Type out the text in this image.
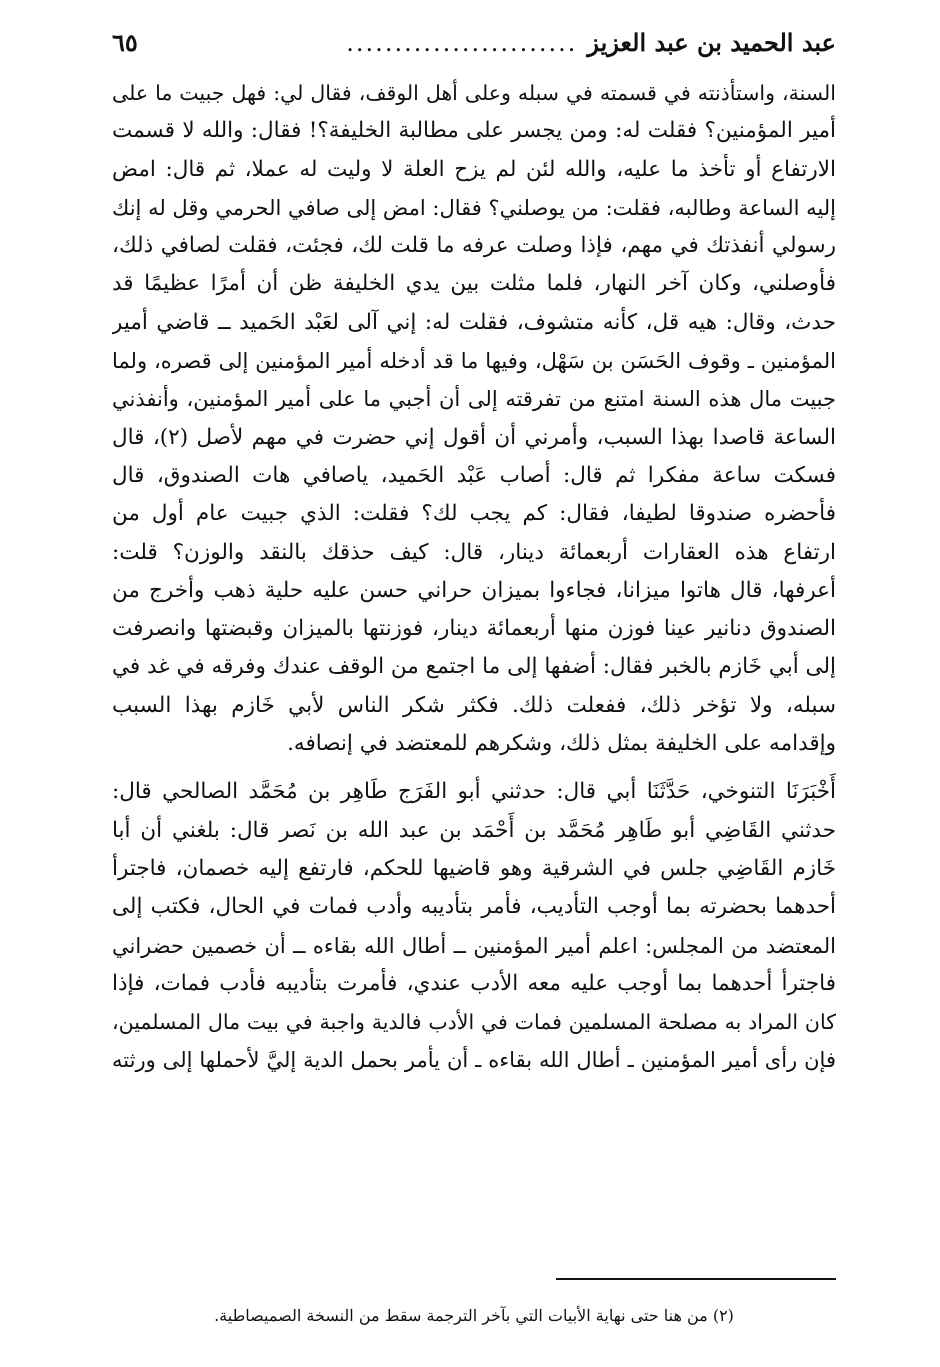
عبد الحميد بن عبد العزيز
........................
٦٥
السنة، واستأذنته في قسمته في سبله وعلى أهل الوقف، فقال لي: فهل جبيت ما على
أمير المؤمنين؟ فقلت له: ومن يجسر على مطالبة الخليفة؟! فقال: والله لا قسمت
الارتفاع أو تأخذ ما عليه، والله لئن لم يزح العلة لا وليت له عملا، ثم قال: امض
إليه الساعة وطالبه، فقلت: من يوصلني؟ فقال: امض إلى صافي الحرمي وقل له إنك
رسولي أنفذتك في مهم، فإذا وصلت عرفه ما قلت لك، فجئت، فقلت لصافي ذلك،
فأوصلني، وكان آخر النهار، فلما مثلت بين يدي الخليفة ظن أن أمرًا عظيمًا قد
حدث، وقال: هيه قل، كأنه متشوف، فقلت له: إني آلى لعَبْد الحَميد ــ قاضي أمير
المؤمنين ـ وقوف الحَسَن بن سَهْل، وفيها ما قد أدخله أمير المؤمنين إلى قصره، ولما
جبيت مال هذه السنة امتنع من تفرقته إلى أن أجبي ما على أمير المؤمنين، وأنفذني
الساعة قاصدا بهذا السبب، وأمرني أن أقول إني حضرت في مهم لأصل (٢)، قال
فسكت ساعة مفكرا ثم قال: أصاب عَبْد الحَميد، ياصافي هات الصندوق، قال
فأحضره صندوقا لطيفا، فقال: كم يجب لك؟ فقلت: الذي جبيت عام أول من
ارتفاع هذه العقارات أربعمائة دينار، قال: كيف حذقك بالنقد والوزن؟ قلت:
أعرفها، قال هاتوا ميزانا، فجاءوا بميزان حراني حسن عليه حلية ذهب وأخرج من
الصندوق دنانير عينا فوزن منها أربعمائة دينار، فوزنتها بالميزان وقبضتها وانصرفت
إلى أبي خَازم بالخبر فقال: أضفها إلى ما اجتمع من الوقف عندك وفرقه في غد في
سبله، ولا تؤخر ذلك، ففعلت ذلك. فكثر شكر الناس لأبي خَازم بهذا السبب
وإقدامه على الخليفة بمثل ذلك، وشكرهم للمعتضد في إنصافه.
أَخْبَرَنَا التنوخي، حَدَّثَنَا أبي قال: حدثني أبو الفَرَج طَاهِر بن مُحَمَّد الصالحي قال:
حدثني القَاضِي أبو طَاهِر مُحَمَّد بن أَحْمَد بن عبد الله بن نَصر قال: بلغني أن أبا
خَازم القَاضِي جلس في الشرقية وهو قاضيها للحكم، فارتفع إليه خصمان، فاجترأ
أحدهما بحضرته بما أوجب التأديب، فأمر بتأديبه وأدب فمات في الحال، فكتب إلى
المعتضد من المجلس: اعلم أمير المؤمنين ــ أطال الله بقاءه ــ أن خصمين حضراني
فاجترأ أحدهما بما أوجب عليه معه الأدب عندي، فأمرت بتأديبه فأدب فمات، فإذا
كان المراد به مصلحة المسلمين فمات في الأدب فالدية واجبة في بيت مال المسلمين،
فإن رأى أمير المؤمنين ـ أطال الله بقاءه ـ أن يأمر بحمل الدية إليَّ لأحملها إلى ورثته
(٢) من هنا حتى نهاية الأبيات التي بآخر الترجمة سقط من النسخة الصميصاطية.
